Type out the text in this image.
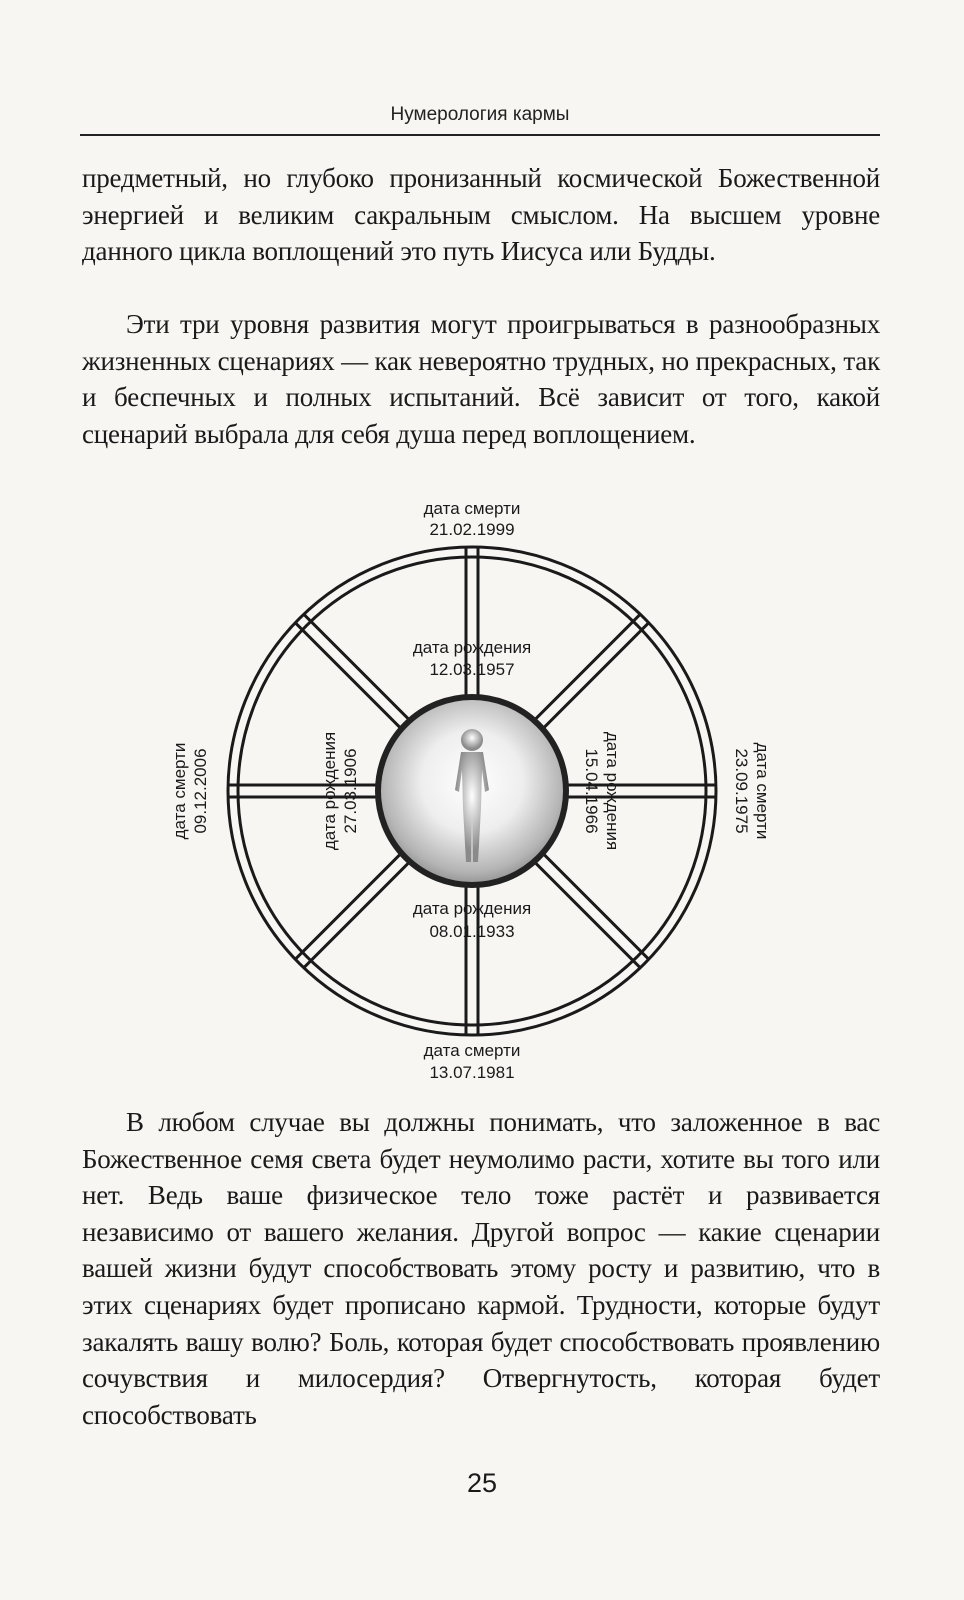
Нумерология кармы

предметный, но глубоко пронизанный космической Божественной энергией и великим сакральным смыслом. На высшем уровне данного цикла воплощений это путь Иисуса или Будды.

Эти три уровня развития могут проигрываться в разнообразных жизненных сценариях — как невероятно трудных, но прекрасных, так и беспечных и полных испытаний. Всё зависит от того, какой сценарий выбрала для себя душа перед воплощением.

дата смерти
21.02.1999
дата смерти
13.07.1981
дата смерти 09.12.2006	дата смерти
23.09.1975
дата рождения
12.03.1957
дата рождения
08.01.1933
дата рождения 27.03.1906	дата рождения
15.04.1966

В любом случае вы должны понимать, что заложенное в вас Божественное семя света будет неумолимо расти, хотите вы того или нет. Ведь ваше физическое тело тоже растёт и развивается независимо от вашего желания. Другой вопрос — какие сценарии вашей жизни будут способствовать этому росту и развитию, что в этих сценариях будет прописано кармой. Трудности, которые будут закалять вашу волю? Боль, которая будет способствовать проявлению сочувствия и милосердия? Отвергнутость, которая будет способствовать

25
